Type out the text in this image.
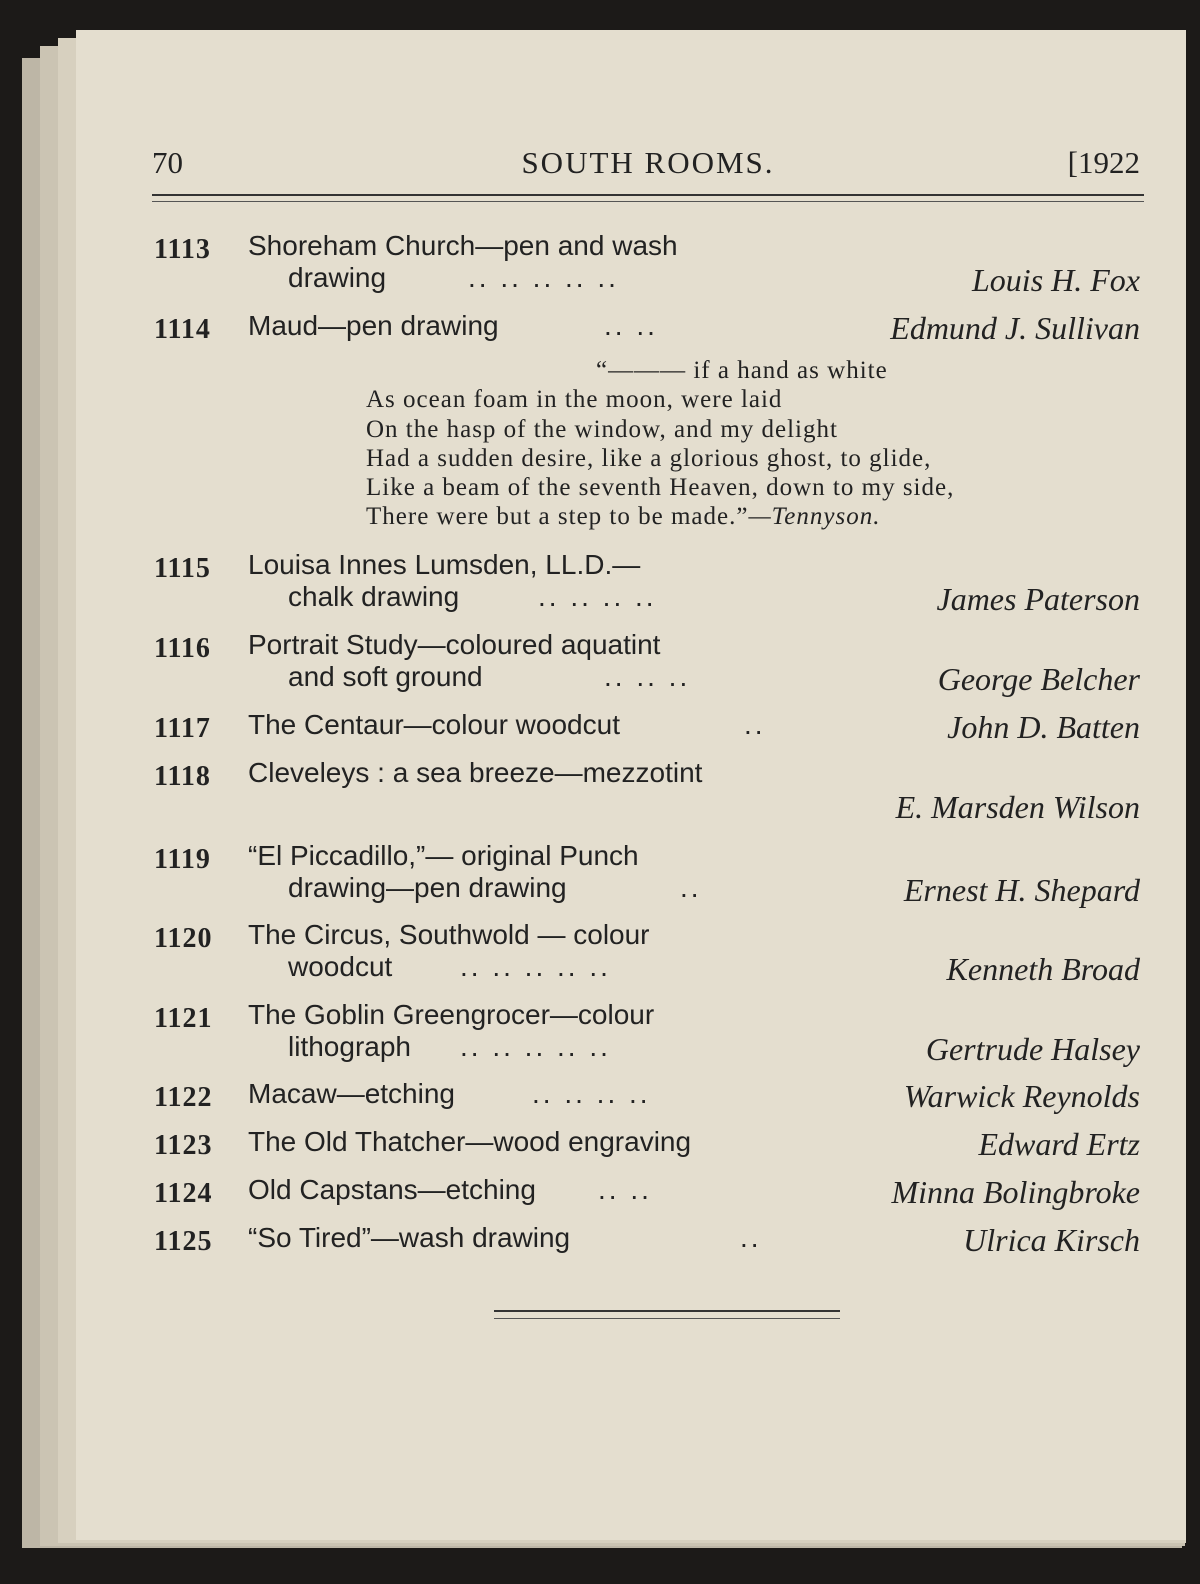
70	SOUTH ROOMS.	[1922
1113 Shoreham Church—pen and wash
drawing	.. .. .. .. ..	Louis H. Fox
1114 Maud—pen drawing	.. ..	Edmund J. Sullivan
“——— if a hand as white
As ocean foam in the moon, were laid
On the hasp of the window, and my delight
Had a sudden desire, like a glorious ghost, to glide,
Like a beam of the seventh Heaven, down to my side,
There were but a step to be made.”—Tennyson.
1115 Louisa Innes Lumsden, LL.D.—
chalk drawing	.. .. .. ..	James Paterson
1116 Portrait Study—coloured aquatint
and soft ground	.. .. ..	George Belcher
1117 The Centaur—colour woodcut	..	John D. Batten
1118 Cleveleys : a sea breeze—mezzotint
E. Marsden Wilson
1119 “El Piccadillo,”— original Punch
drawing—pen drawing	..	Ernest H. Shepard
1120 The Circus, Southwold — colour
woodcut .. .. .. .. ..	Kenneth Broad
1121 The Goblin Greengrocer—colour
lithograph .. .. .. .. ..	Gertrude Halsey
1122 Macaw—etching	.. .. .. ..	Warwick Reynolds
1123 The Old Thatcher—wood engraving	Edward Ertz
1124 Old Capstans—etching .. ..	Minna Bolingbroke
1125 “So Tired”—wash drawing	..	Ulrica Kirsch
